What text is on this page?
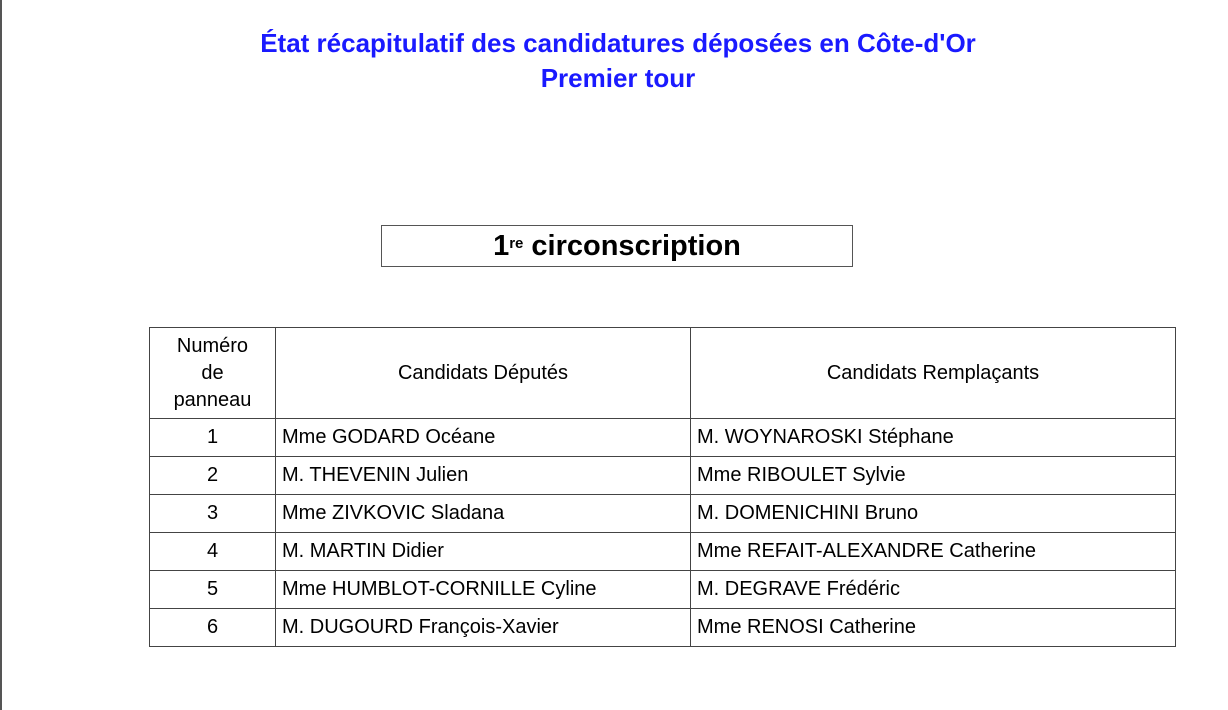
État récapitulatif des candidatures déposées en Côte-d'Or
Premier tour
1re circonscription
Numéro
de
panneau	Candidats Députés	Candidats Remplaçants
1	Mme GODARD Océane	M. WOYNAROSKI Stéphane
2	M. THEVENIN Julien	Mme RIBOULET Sylvie
3	Mme ZIVKOVIC Sladana	M. DOMENICHINI Bruno
4	M. MARTIN Didier	Mme REFAIT-ALEXANDRE Catherine
5	Mme HUMBLOT-CORNILLE Cyline	M. DEGRAVE Frédéric
6	M. DUGOURD François-Xavier	Mme RENOSI Catherine
